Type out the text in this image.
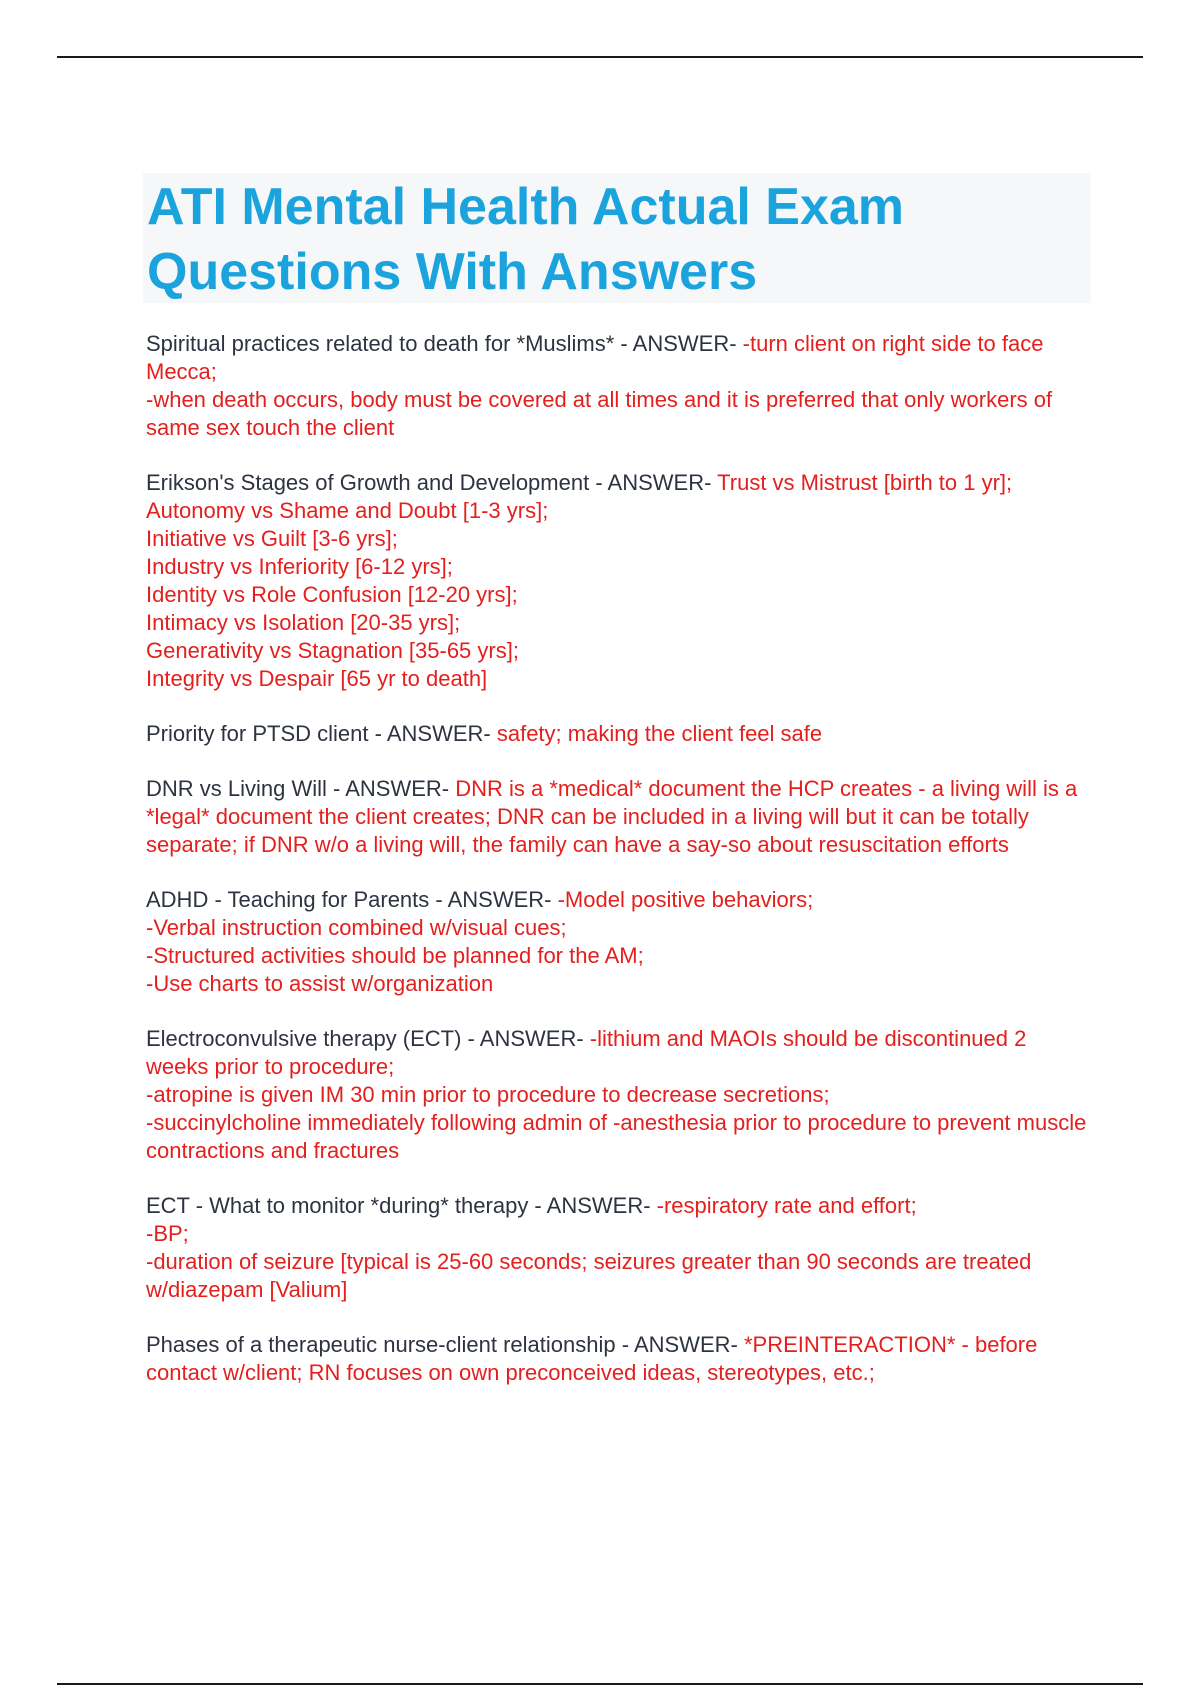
ATI Mental Health Actual Exam Questions With Answers

Spiritual practices related to death for *Muslims* - ANSWER- -turn client on right side to face Mecca;
-when death occurs, body must be covered at all times and it is preferred that only workers of same sex touch the client

Erikson's Stages of Growth and Development - ANSWER- Trust vs Mistrust [birth to 1 yr];
Autonomy vs Shame and Doubt [1-3 yrs];
Initiative vs Guilt [3-6 yrs];
Industry vs Inferiority [6-12 yrs];
Identity vs Role Confusion [12-20 yrs];
Intimacy vs Isolation [20-35 yrs];
Generativity vs Stagnation [35-65 yrs];
Integrity vs Despair [65 yr to death]

Priority for PTSD client - ANSWER- safety; making the client feel safe

DNR vs Living Will - ANSWER- DNR is a *medical* document the HCP creates - a living will is a *legal* document the client creates; DNR can be included in a living will but it can be totally separate; if DNR w/o a living will, the family can have a say-so about resuscitation efforts

ADHD - Teaching for Parents - ANSWER- -Model positive behaviors;
-Verbal instruction combined w/visual cues;
-Structured activities should be planned for the AM;
-Use charts to assist w/organization

Electroconvulsive therapy (ECT) - ANSWER- -lithium and MAOIs should be discontinued 2 weeks prior to procedure;
-atropine is given IM 30 min prior to procedure to decrease secretions;
-succinylcholine immediately following admin of -anesthesia prior to procedure to prevent muscle contractions and fractures

ECT - What to monitor *during* therapy - ANSWER- -respiratory rate and effort;
-BP;
-duration of seizure [typical is 25-60 seconds; seizures greater than 90 seconds are treated w/diazepam [Valium]

Phases of a therapeutic nurse-client relationship - ANSWER- *PREINTERACTION* - before contact w/client; RN focuses on own preconceived ideas, stereotypes, etc.;
